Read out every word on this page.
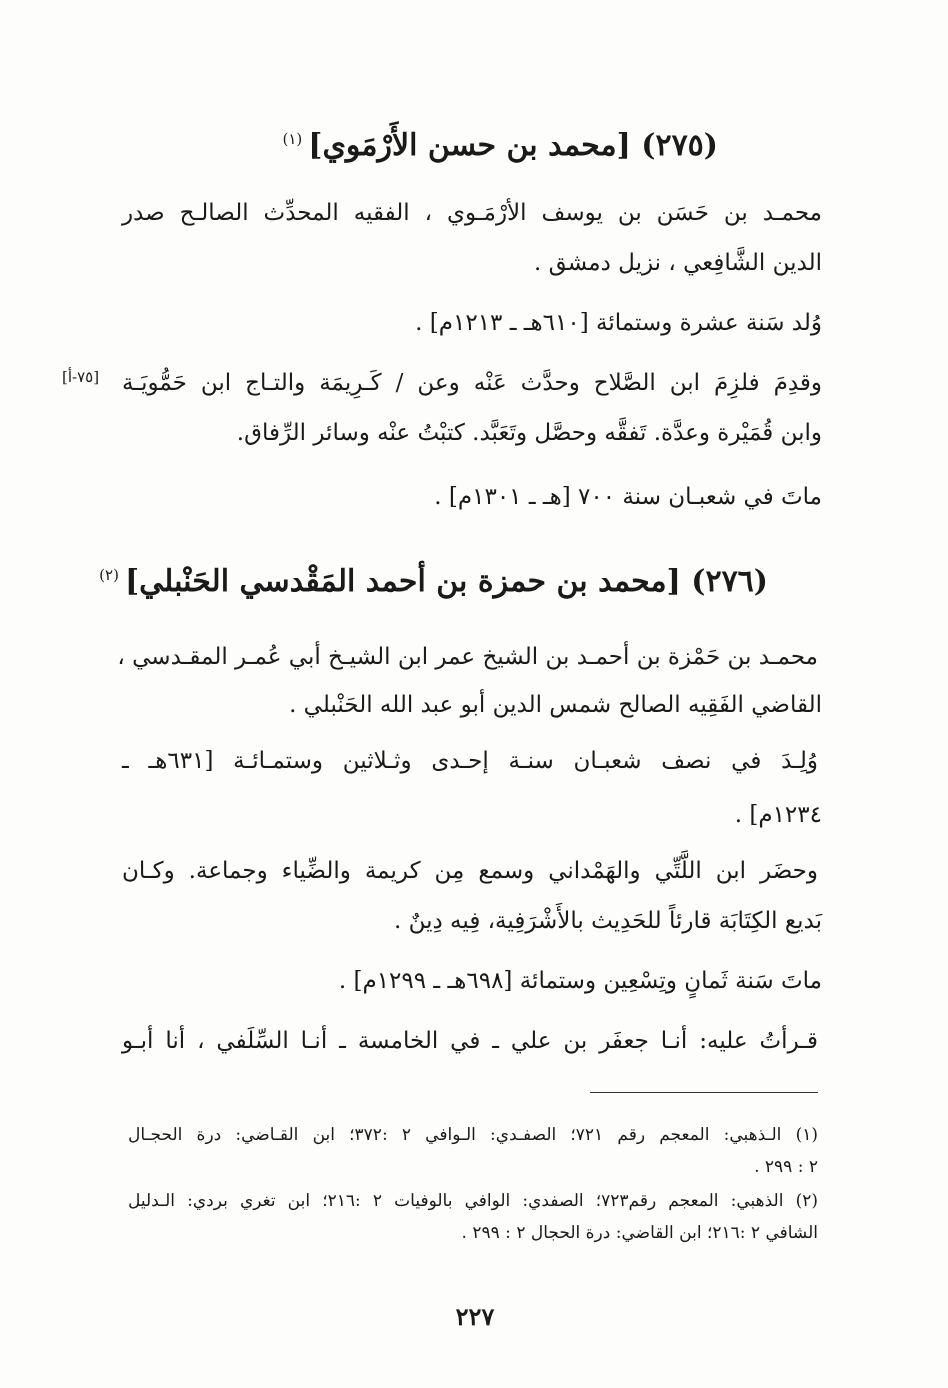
(٢٧٥) [محمد بن حسن الأَرْمَوي]$^{(١)}$
محمـد بن حَسَن بن يوسف الأرْمَـوي ، الفقيه المحدِّث الصالـح صدر
الدين الشَّافِعي ، نزيل دمشق .
وُلد سَنة عشرة وستمائة [٦١٠هـ ـ ١٢١٣م] .
وقدِمَ فلزِمَ ابن الصَّلاح وحدَّث عَنْه وعن / كَـرِيمَة والتـاج ابن حَمُّويَـة
وابن قُمَيْرة وعدَّة. تَفقَّه وحصَّل وتَعَبَّد. كتبْتُ عنْه وسائر الرِّفاق.
ماتَ في شعبـان سنة ٧٠٠ [هـ ـ ١٣٠١م] .
[٧٥-أ]
(٢٧٦) [محمد بن حمزة بن أحمد المَقْدسي الحَنْبلي]$^{(٢)}$
محمـد بن حَمْزة بن أحمـد بن الشيخ عمر ابن الشيـخ أبي عُمـر المقـدسي ،
القاضي الفَقِيه الصالح شمس الدين أبو عبد الله الحَنْبلي .
وُلِـدَ في نصف شعبـان سنـة إحـدى وثـلاثين وستمـائـة [٦٣١هـ ـ
١٢٣٤م] .
وحضَر ابن اللَّتِّي والهَمْداني وسمع مِن كريمة والضِّياء وجماعة. وكـان
بَديع الكِتَابَة قارئاً للحَدِيث بالأَشْرَفِية، فِيه دِينٌ .
ماتَ سَنة ثَمانٍ وتِسْعِين وستمائة [٦٩٨هـ ـ ١٢٩٩م] .
قـرأتُ عليه: أنـا جعفَر بن علي ـ في الخامسة ـ أنـا السِّلَفي ، أنا أبـو
(١) الـذهبي: المعجم رقم ٧٢١؛ الصفـدي: الـوافي ٢ :٣٧٢؛ ابن القـاضي: درة الحجـال
٢ : ٢٩٩ .
(٢) الذهبي: المعجم رقم٧٢٣؛ الصفدي: الوافي بالوفيات ٢ :٢١٦؛ ابن تغري بردي: الـدليل
الشافي ٢ :٢١٦؛ ابن القاضي: درة الحجال ٢ : ٢٩٩ .
٢٢٧
